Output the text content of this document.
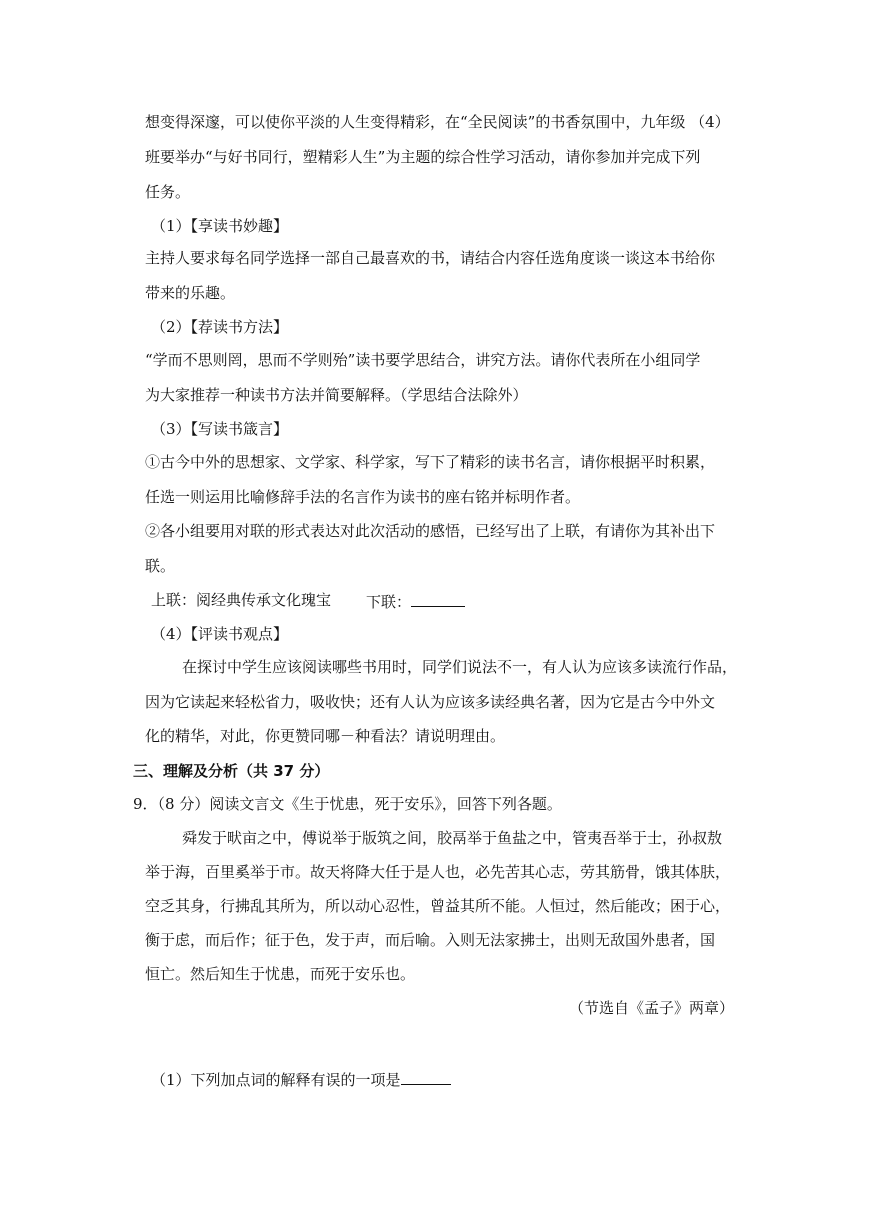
想变得深邃，可以使你平淡的人生变得精彩，在“全民阅读”的书香氛围中，九年级 （4）
班要举办“与好书同行，塑精彩人生”为主题的综合性学习活动，请你参加并完成下列
任务。
（1）【享读书妙趣】
主持人要求每名同学选择一部自己最喜欢的书，请结合内容任选角度谈一谈这本书给你
带来的乐趣。
（2）【荐读书方法】
“学而不思则罔，思而不学则殆”读书要学思结合，讲究方法。请你代表所在小组同学
为大家推荐一种读书方法并简要解释。（学思结合法除外）
（3）【写读书箴言】
①古今中外的思想家、文学家、科学家，写下了精彩的读书名言，请你根据平时积累，
任选一则运用比喻修辞手法的名言作为读书的座右铭并标明作者。
②各小组要用对联的形式表达对此次活动的感悟，已经写出了上联，有请你为其补出下
联。
上联：阅经典传承文化瑰宝 下联：
（4）【评读书观点】
在探讨中学生应该阅读哪些书用时，同学们说法不一，有人认为应该多读流行作品，
因为它读起来轻松省力，吸收快；还有人认为应该多读经典名著，因为它是古今中外文
化的精华，对此，你更赞同哪－种看法？请说明理由。
三、理解及分析（共 37 分）
9．（8 分）阅读文言文《生于忧患，死于安乐》，回答下列各题。
舜发于畎亩之中，傅说举于版筑之间，胶鬲举于鱼盐之中，管夷吾举于士，孙叔敖
举于海，百里奚举于市。故天将降大任于是人也，必先苦其心志，劳其筋骨，饿其体肤，
空乏其身，行拂乱其所为，所以动心忍性，曾益其所不能。人恒过，然后能改；困于心，
衡于虑，而后作；征于色，发于声，而后喻。入则无法家拂士，出则无敌国外患者，国
恒亡。然后知生于忧患，而死于安乐也。
（节选自《孟子》两章）
（1）下列加点词的解释有误的一项是
